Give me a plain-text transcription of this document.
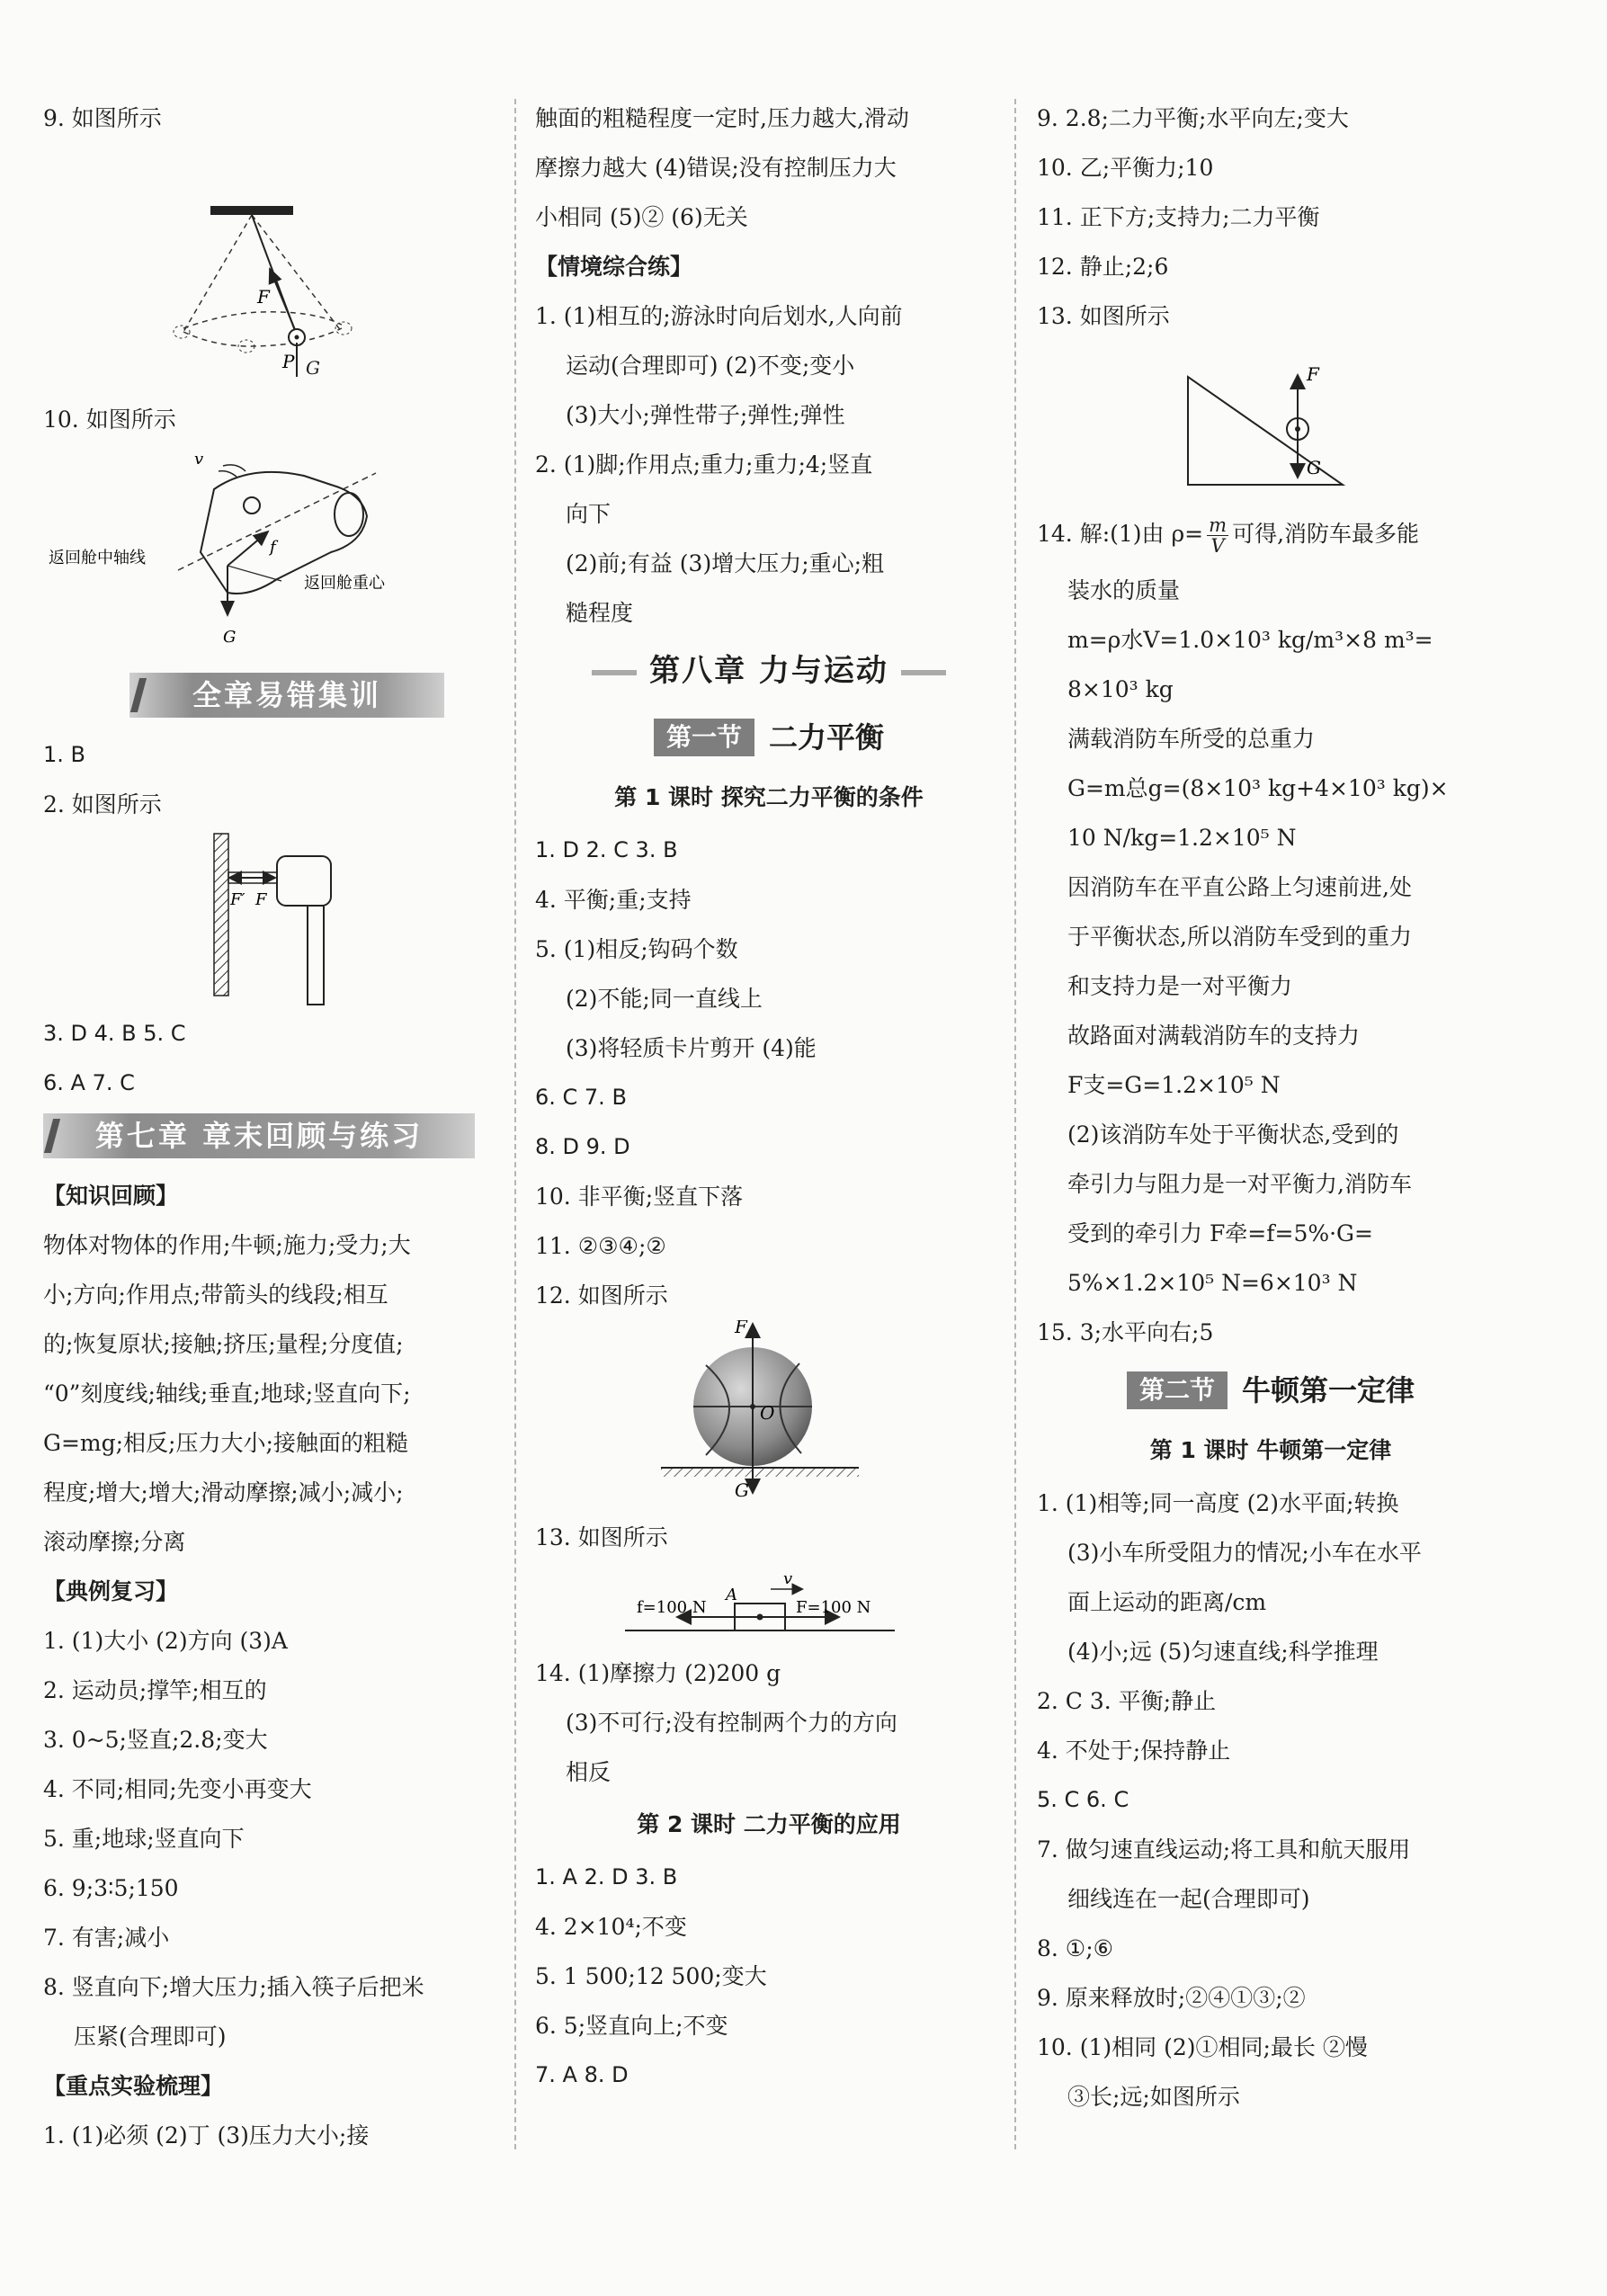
9. 如图所示
F
P G
10. 如图所示
v
f
G
返回舱中轴线
返回舱重心
全章易错集训
1. B
2. 如图所示
F′ F
3. D 4. B 5. C
6. A 7. C
第七章 章末回顾与练习
【知识回顾】
物体对物体的作用;牛顿;施力;受力;大
小;方向;作用点;带箭头的线段;相互
的;恢复原状;接触;挤压;量程;分度值;
“0”刻度线;轴线;垂直;地球;竖直向下;
G=mg;相反;压力大小;接触面的粗糙
程度;增大;增大;滑动摩擦;减小;减小;
滚动摩擦;分离
【典例复习】
1. (1)大小 (2)方向 (3)A
2. 运动员;撑竿;相互的
3. 0~5;竖直;2.8;变大
4. 不同;相同;先变小再变大
5. 重;地球;竖直向下
6. 9;3∶5;150
7. 有害;减小
8. 竖直向下;增大压力;插入筷子后把米
压紧(合理即可)
【重点实验梳理】
1. (1)必须 (2)丁 (3)压力大小;接
触面的粗糙程度一定时,压力越大,滑动
摩擦力越大 (4)错误;没有控制压力大
小相同 (5)② (6)无关
【情境综合练】
1. (1)相互的;游泳时向后划水,人向前
运动(合理即可) (2)不变;变小
(3)大小;弹性带子;弹性;弹性
2. (1)脚;作用点;重力;重力;4;竖直
向下
(2)前;有益 (3)增大压力;重心;粗
糙程度
第八章 力与运动
第一节 二力平衡
第 1 课时 探究二力平衡的条件
1. D 2. C 3. B
4. 平衡;重;支持
5. (1)相反;钩码个数
(2)不能;同一直线上
(3)将轻质卡片剪开 (4)能
6. C 7. B
8. D 9. D
10. 非平衡;竖直下落
11. ②③④;②
12. 如图所示
F
O
G
13. 如图所示
f=100 N	F=100 N
A
v
14. (1)摩擦力 (2)200 g
(3)不可行;没有控制两个力的方向
相反
第 2 课时 二力平衡的应用
1. A 2. D 3. B
4. 2×10⁴;不变
5. 1 500;12 500;变大
6. 5;竖直向上;不变
7. A 8. D
9. 2.8;二力平衡;水平向左;变大
10. 乙;平衡力;10
11. 正下方;支持力;二力平衡
12. 静止;2;6
13. 如图所示
F
G
14. 解:(1)由 $\rho= \frac{m}{V}$ 可得,消防车最多能
装水的质量
m=ρ水V=1.0×10³ kg/m³×8 m³=
8×10³ kg
满载消防车所受的总重力
G=m总g=(8×10³ kg+4×10³ kg)×
10 N/kg=1.2×10⁵ N
因消防车在平直公路上匀速前进,处
于平衡状态,所以消防车受到的重力
和支持力是一对平衡力
故路面对满载消防车的支持力
F支=G=1.2×10⁵ N
(2)该消防车处于平衡状态,受到的
牵引力与阻力是一对平衡力,消防车
受到的牵引力 F牵=f=5%·G=
5%×1.2×10⁵ N=6×10³ N
15. 3;水平向右;5
第二节 牛顿第一定律
第 1 课时 牛顿第一定律
1. (1)相等;同一高度 (2)水平面;转换
(3)小车所受阻力的情况;小车在水平
面上运动的距离/cm
(4)小;远 (5)匀速直线;科学推理
2. C 3. 平衡;静止
4. 不处于;保持静止
5. C 6. C
7. 做匀速直线运动;将工具和航天服用
细线连在一起(合理即可)
8. ①;⑥
9. 原来释放时;②④①③;②
10. (1)相同 (2)①相同;最长 ②慢
③长;远;如图所示
